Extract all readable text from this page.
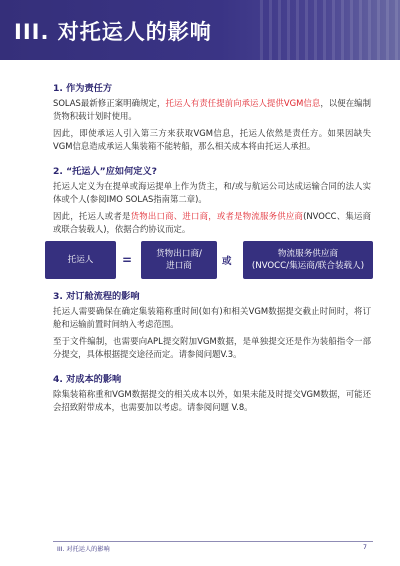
III. 对托运人的影响
1. 作为责任方

SOLAS最新修正案明确规定，托运人有责任提前向承运人提供VGM信息，以便在编制货物积载计划时使用。

因此，即使承运人引入第三方来获取VGM信息，托运人依然是责任方。如果因缺失VGM信息造成承运人集装箱不能转船，那么相关成本将由托运人承担。

2. “托运人”应如何定义?

托运人定义为在提单或海运提单上作为货主，和/或与航运公司达成运输合同的法人实体或个人(参阅IMO SOLAS指南第二章)。

因此，托运人或者是货物出口商、进口商，或者是物流服务供应商(NVOCC、集运商或联合装载人)，依据合约协议而定。

托运人 =	货物出口商/
进口商	或
物流服务供应商
(NVOCC/集运商/联合装载人)
3. 对订舱流程的影响

托运人需要确保在确定集装箱称重时间(如有)和相关VGM数据提交截止时间时，将订舱和运输前置时间纳入考虑范围。

至于文件编制，也需要向APL提交附加VGM数据，是单独提交还是作为装船指令一部分提交，具体根据提交途径而定。请参阅问题V.3。

4. 对成本的影响

除集装箱称重和VGM数据提交的相关成本以外，如果未能及时提交VGM数据，可能还会招致附带成本，也需要加以考虑。请参阅问题 V.8。

III. 对托运人的影响	7
